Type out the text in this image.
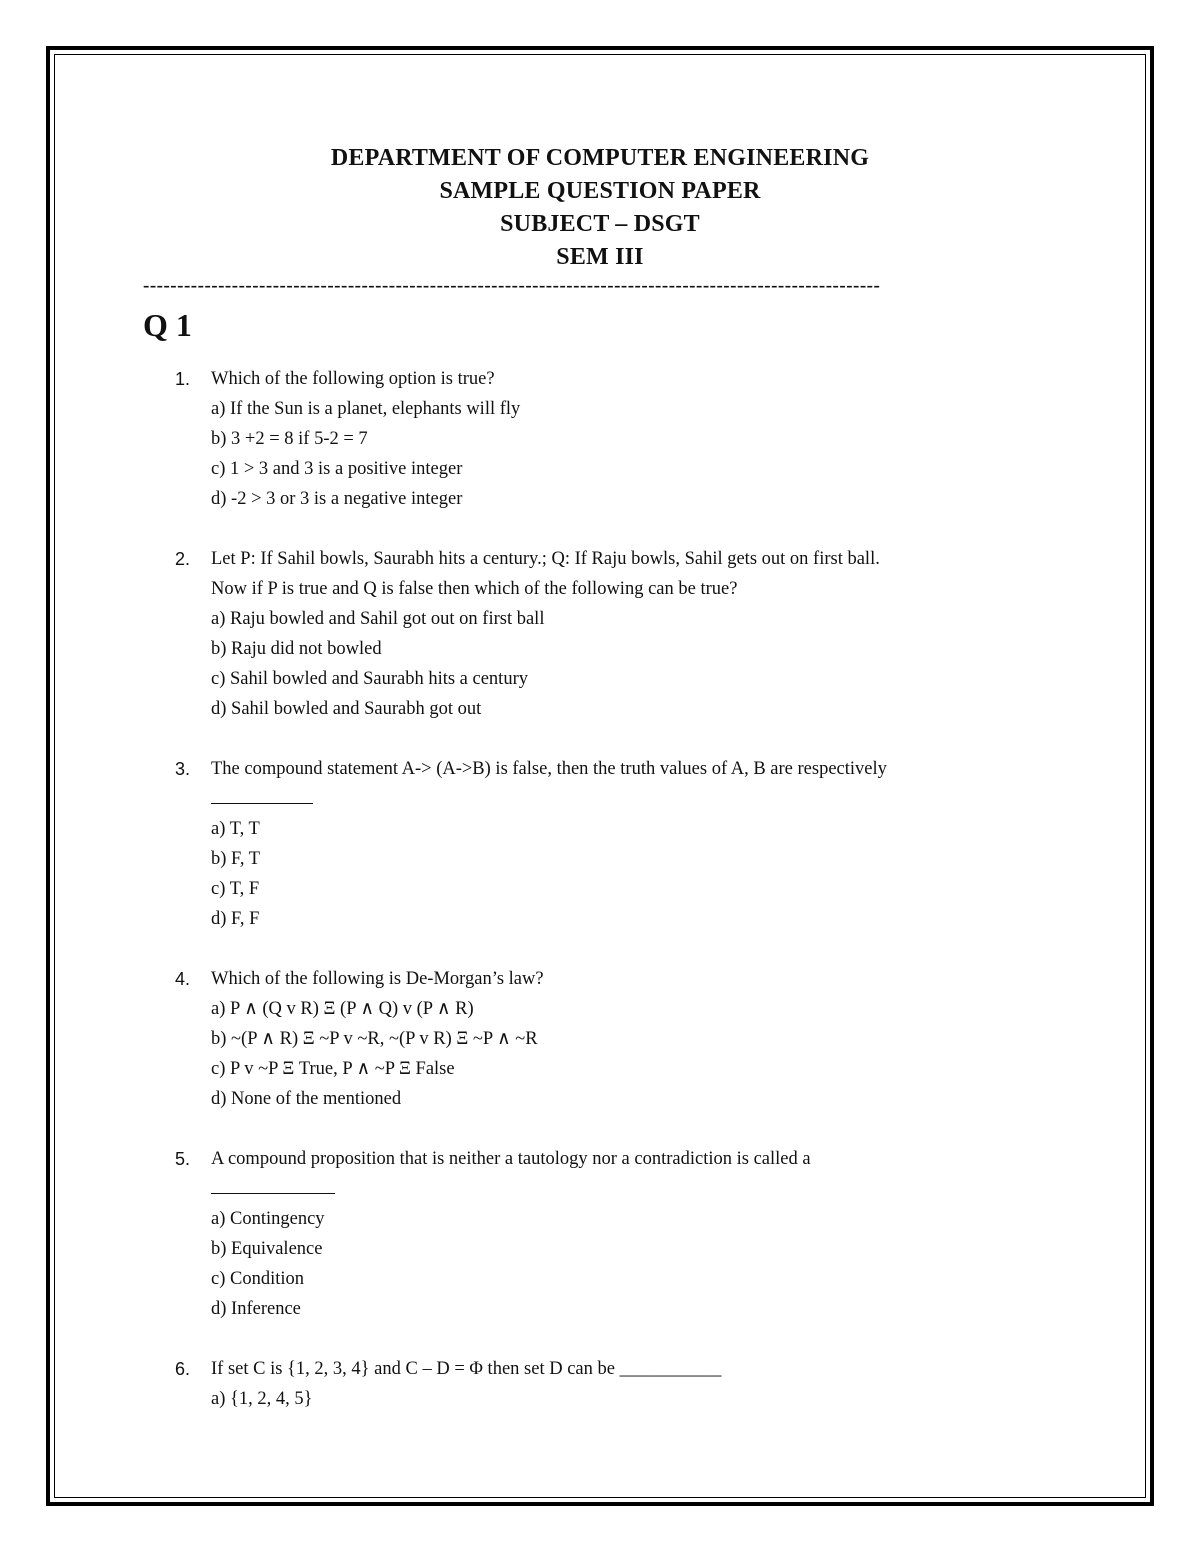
DEPARTMENT OF COMPUTER ENGINEERING
SAMPLE QUESTION PAPER
SUBJECT – DSGT
SEM III
------------------------------------------------------------------------------------------------------------
Q 1
1. Which of the following option is true?
a) If the Sun is a planet, elephants will fly
b) 3 +2 = 8 if 5-2 = 7
c) 1 > 3 and 3 is a positive integer
d) -2 > 3 or 3 is a negative integer
2. Let P: If Sahil bowls, Saurabh hits a century.; Q: If Raju bowls, Sahil gets out on first ball.
Now if P is true and Q is false then which of the following can be true?
a) Raju bowled and Sahil got out on first ball
b) Raju did not bowled
c) Sahil bowled and Saurabh hits a century
d) Sahil bowled and Saurabh got out
3. The compound statement A-> (A->B) is false, then the truth values of A, B are respectively
a) T, T
b) F, T
c) T, F
d) F, F
4. Which of the following is De-Morgan’s law?
a) P ∧ (Q v R) Ξ (P ∧ Q) v (P ∧ R)
b) ~(P ∧ R) Ξ ~P v ~R, ~(P v R) Ξ ~P ∧ ~R
c) P v ~P Ξ True, P ∧ ~P Ξ False
d) None of the mentioned
5. A compound proposition that is neither a tautology nor a contradiction is called a
a) Contingency
b) Equivalence
c) Condition
d) Inference
6. If set C is {1, 2, 3, 4} and C – D = Φ then set D can be ___________
a) {1, 2, 4, 5}
